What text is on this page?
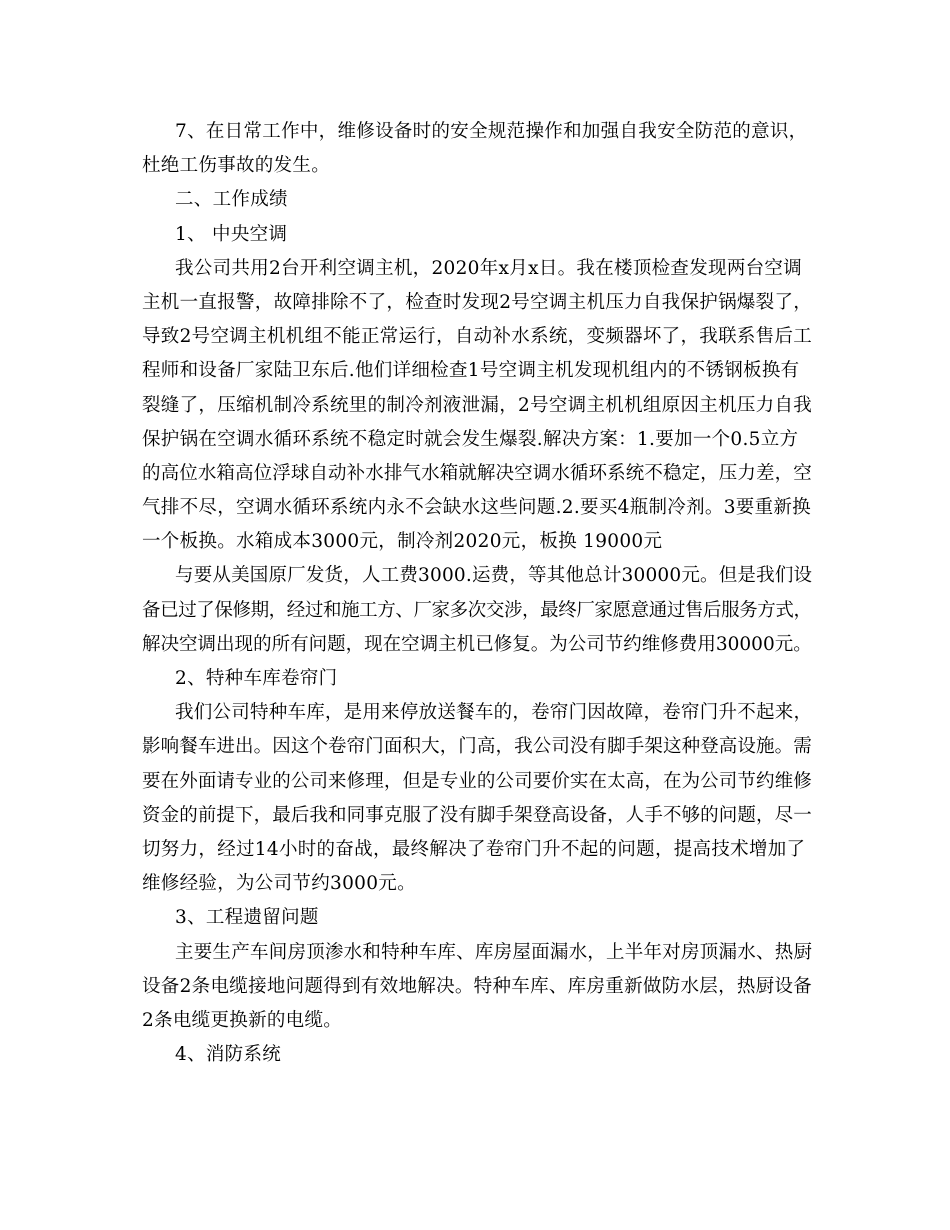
7、在日常工作中，维修设备时的安全规范操作和加强自我安全防范的意识，
杜绝工伤事故的发生。
二、工作成绩
1、 中央空调
我公司共用2台开利空调主机，2020年x月x日。我在楼顶检查发现两台空调
主机一直报警，故障排除不了，检查时发现2号空调主机压力自我保护锅爆裂了，
导致2号空调主机机组不能正常运行，自动补水系统，变频器坏了，我联系售后工
程师和设备厂家陆卫东后.他们详细检查1号空调主机发现机组内的不锈钢板换有
裂缝了，压缩机制冷系统里的制冷剂液泄漏，2号空调主机机组原因主机压力自我
保护锅在空调水循环系统不稳定时就会发生爆裂.解决方案：1.要加一个0.5立方
的高位水箱高位浮球自动补水排气水箱就解决空调水循环系统不稳定，压力差，空
气排不尽，空调水循环系统内永不会缺水这些问题.2.要买4瓶制冷剂。3要重新换
一个板换。水箱成本3000元，制冷剂2020元，板换 19000元
与要从美国原厂发货，人工费3000.运费，等其他总计30000元。但是我们设
备已过了保修期，经过和施工方、厂家多次交涉，最终厂家愿意通过售后服务方式，
解决空调出现的所有问题，现在空调主机已修复。为公司节约维修费用30000元。
2、特种车库卷帘门
我们公司特种车库，是用来停放送餐车的，卷帘门因故障，卷帘门升不起来，
影响餐车进出。因这个卷帘门面积大，门高，我公司没有脚手架这种登高设施。需
要在外面请专业的公司来修理，但是专业的公司要价实在太高，在为公司节约维修
资金的前提下，最后我和同事克服了没有脚手架登高设备，人手不够的问题，尽一
切努力，经过14小时的奋战，最终解决了卷帘门升不起的问题，提高技术增加了
维修经验，为公司节约3000元。
3、工程遗留问题
主要生产车间房顶渗水和特种车库、库房屋面漏水，上半年对房顶漏水、热厨
设备2条电缆接地问题得到有效地解决。特种车库、库房重新做防水层，热厨设备
2条电缆更换新的电缆。
4、消防系统
